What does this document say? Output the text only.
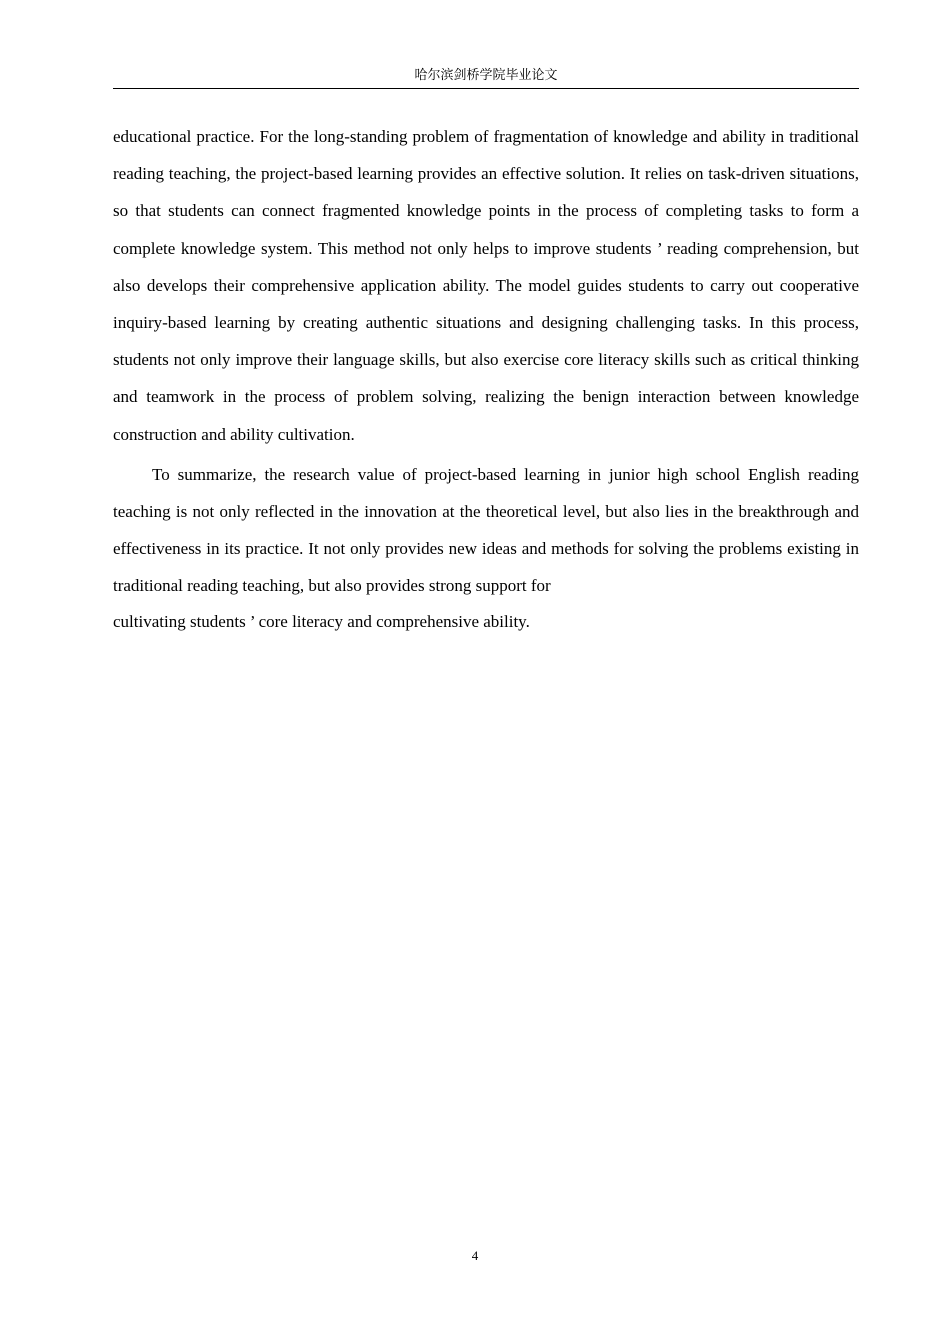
哈尔滨剑桥学院毕业论文

educational practice. For the long-standing problem of fragmentation of knowledge and ability in traditional reading teaching, the project-based learning provides an effective solution. It relies on task-driven situations, so that students can connect fragmented knowledge points in the process of completing tasks to form a complete knowledge system. This method not only helps to improve students ’ reading comprehension, but also develops their comprehensive application ability. The model guides students to carry out cooperative inquiry-based learning by creating authentic situations and designing challenging tasks. In this process, students not only improve their language skills, but also exercise core literacy skills such as critical thinking and teamwork in the process of problem solving, realizing the benign interaction between knowledge construction and ability cultivation.

To summarize, the research value of project-based learning in junior high school English reading teaching is not only reflected in the innovation at the theoretical level, but also lies in the breakthrough and effectiveness in its practice. It not only provides new ideas and methods for solving the problems existing in traditional reading teaching, but also provides strong support for

cultivating students ’ core literacy and comprehensive ability.

4
